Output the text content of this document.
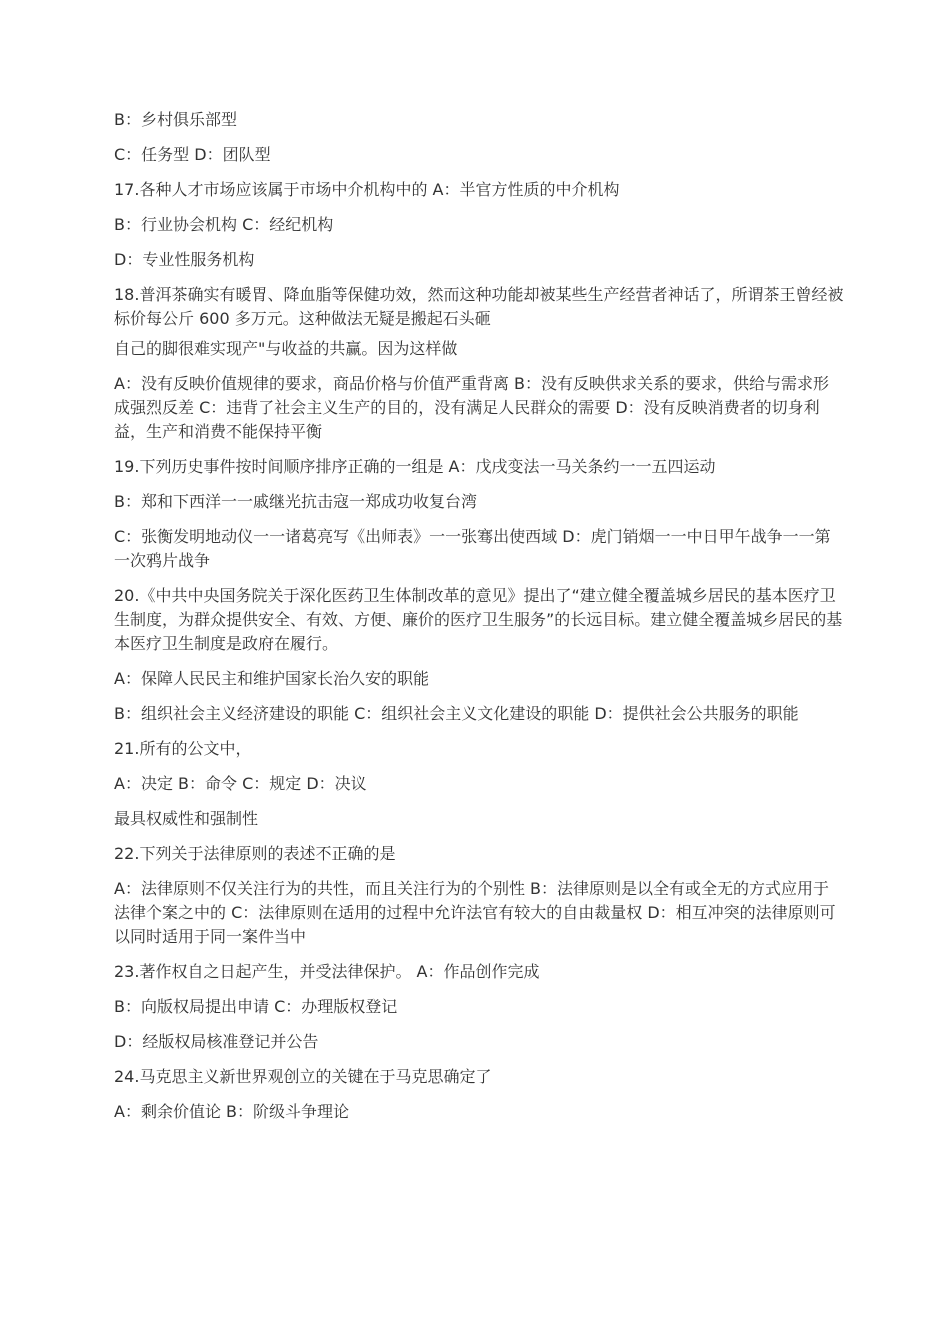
B：乡村俱乐部型

C：任务型 D：团队型

17.各种人才市场应该属于市场中介机构中的 A：半官方性质的中介机构

B：行业协会机构 C：经纪机构

D：专业性服务机构

18.普洱茶确实有暖胃、降血脂等保健功效，然而这种功能却被某些生产经营者神话了，所谓茶王曾经被标价每公斤 600 多万元。这种做法无疑是搬起石头砸

自己的脚很难实现产"与收益的共赢。因为这样做

A：没有反映价值规律的要求，商品价格与价值严重背离 B：没有反映供求关系的要求，供给与需求形成强烈反差 C：违背了社会主义生产的目的，没有满足人民群众的需要 D：没有反映消费者的切身利益，生产和消费不能保持平衡

19.下列历史事件按时间顺序排序正确的一组是 A：戊戌变法一马关条约一一五四运动

B：郑和下西洋一一戚继光抗击寇一郑成功收复台湾

C：张衡发明地动仪一一诸葛亮写《出师表》一一张骞出使西域 D：虎门销烟一一中日甲午战争一一第一次鸦片战争

20.《中共中央国务院关于深化医药卫生体制改革的意见》提出了“建立健全覆盖城乡居民的基本医疗卫生制度，为群众提供安全、有效、方便、廉价的医疗卫生服务”的长远目标。建立健全覆盖城乡居民的基本医疗卫生制度是政府在履行。

A：保障人民民主和维护国家长治久安的职能

B：组织社会主义经济建设的职能 C：组织社会主义文化建设的职能 D：提供社会公共服务的职能

21.所有的公文中，

A：决定 B：命令 C：规定 D：决议

最具权威性和强制性

22.下列关于法律原则的表述不正确的是

A：法律原则不仅关注行为的共性，而且关注行为的个别性 B：法律原则是以全有或全无的方式应用于法律个案之中的 C：法律原则在适用的过程中允许法官有较大的自由裁量权 D：相互冲突的法律原则可以同时适用于同一案件当中

23.著作权自之日起产生，并受法律保护。 A：作品创作完成

B：向版权局提出申请 C：办理版权登记

D：经版权局核准登记并公告

24.马克思主义新世界观创立的关键在于马克思确定了

A：剩余价值论 B：阶级斗争理论
